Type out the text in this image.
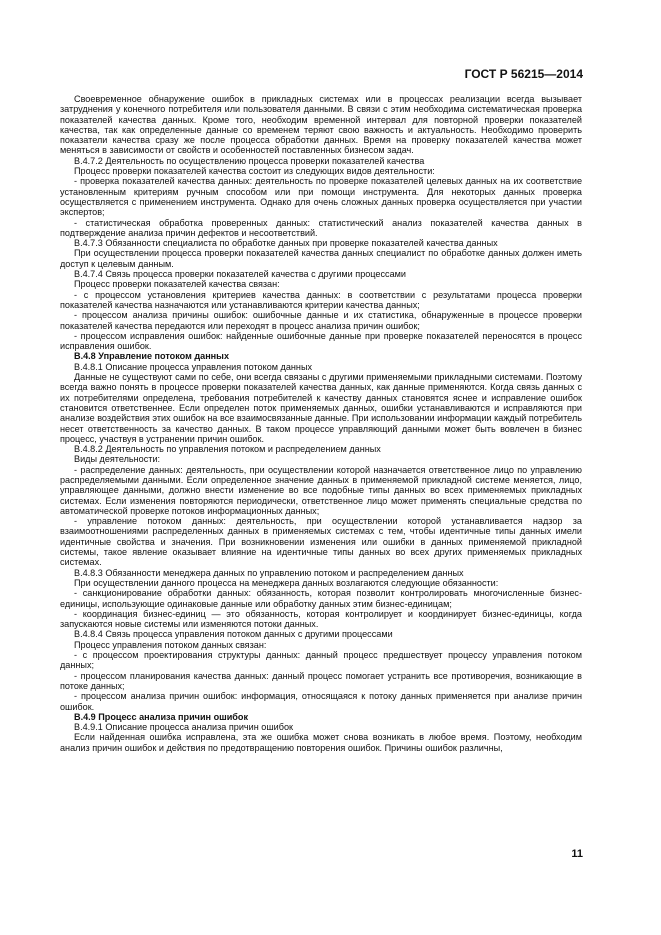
ГОСТ Р 56215—2014

Своевременное обнаружение ошибок в прикладных системах или в процессах реализации всегда вызывает затруднения у конечного потребителя или пользователя данными. В связи с этим необходима систематическая проверка показателей качества данных. Кроме того, необходим временной интервал для повторной проверки показателей качества, так как определенные данные со временем теряют свою важность и актуальность. Необходимо проверить показатели качества сразу же после процесса обработки данных. Время на проверку показателей качества может меняться в зависимости от свойств и особенностей поставленных бизнесом задач.

В.4.7.2 Деятельность по осуществлению процесса проверки показателей качества

Процесс проверки показателей качества состоит из следующих видов деятельности:

- проверка показателей качества данных: деятельность по проверке показателей целевых данных на их соответствие установленным критериям ручным способом или при помощи инструмента. Для некоторых данных проверка осуществляется с применением инструмента. Однако для очень сложных данных проверка осуществляется при участии экспертов;

- статистическая обработка проверенных данных: статистический анализ показателей качества данных в подтверждение анализа причин дефектов и несоответствий.

В.4.7.3 Обязанности специалиста по обработке данных при проверке показателей качества данных

При осуществлении процесса проверки показателей качества данных специалист по обработке данных должен иметь доступ к целевым данным.

В.4.7.4 Связь процесса проверки показателей качества с другими процессами

Процесс проверки показателей качества связан:

- с процессом установления критериев качества данных: в соответствии с результатами процесса проверки показателей качества назначаются или устанавливаются критерии качества данных;

- процессом анализа причины ошибок: ошибочные данные и их статистика, обнаруженные в процессе проверки показателей качества передаются или переходят в процесс анализа причин ошибок;

- процессом исправления ошибок: найденные ошибочные данные при проверке показателей переносятся в процесс исправления ошибок.

В.4.8 Управление потоком данных

В.4.8.1 Описание процесса управления потоком данных

Данные не существуют сами по себе, они всегда связаны с другими применяемыми прикладными системами. Поэтому всегда важно понять в процессе проверки показателей качества данных, как данные применяются. Когда связь данных с их потребителями определена, требования потребителей к качеству данных становятся яснее и исправление ошибок становится ответственнее. Если определен поток применяемых данных, ошибки устанавливаются и исправляются при анализе воздействия этих ошибок на все взаимосвязанные данные. При использовании информации каждый потребитель несет ответственность за качество данных. В таком процессе управляющий данными может быть вовлечен в бизнес процесс, участвуя в устранении причин ошибок.

В.4.8.2 Деятельность по управления потоком и распределением данных

Виды деятельности:

- распределение данных: деятельность, при осуществлении которой назначается ответственное лицо по управлению распределяемыми данными. Если определенное значение данных в применяемой прикладной системе меняется, лицо, управляющее данными, должно внести изменение во все подобные типы данных во всех применяемых прикладных системах. Если изменения повторяются периодически, ответственное лицо может применять специальные средства по автоматической проверке потоков информационных данных;

- управление потоком данных: деятельность, при осуществлении которой устанавливается надзор за взаимоотношениями распределенных данных в применяемых системах с тем, чтобы идентичные типы данных имели идентичные свойства и значения. При возникновении изменения или ошибки в данных применяемой прикладной системы, такое явление оказывает влияние на идентичные типы данных во всех других применяемых прикладных системах.

В.4.8.3 Обязанности менеджера данных по управлению потоком и распределением данных

При осуществлении данного процесса на менеджера данных возлагаются следующие обязанности:

- санкционирование обработки данных: обязанность, которая позволит контролировать многочисленные бизнес-единицы, использующие одинаковые данные или обработку данных этим бизнес-единицам;

- координация бизнес-единиц — это обязанность, которая контролирует и координирует бизнес-единицы, когда запускаются новые системы или изменяются потоки данных.

В.4.8.4 Связь процесса управления потоком данных с другими процессами

Процесс управления потоком данных связан:

- с процессом проектирования структуры данных: данный процесс предшествует процессу управления потоком данных;

- процессом планирования качества данных: данный процесс помогает устранить все противоречия, возникающие в потоке данных;

- процессом анализа причин ошибок: информация, относящаяся к потоку данных применяется при анализе причин ошибок.

В.4.9 Процесс анализа причин ошибок

В.4.9.1 Описание процесса анализа причин ошибок

Если найденная ошибка исправлена, эта же ошибка может снова возникать в любое время. Поэтому, необходим анализ причин ошибок и действия по предотвращению повторения ошибок. Причины ошибок различны,

11
